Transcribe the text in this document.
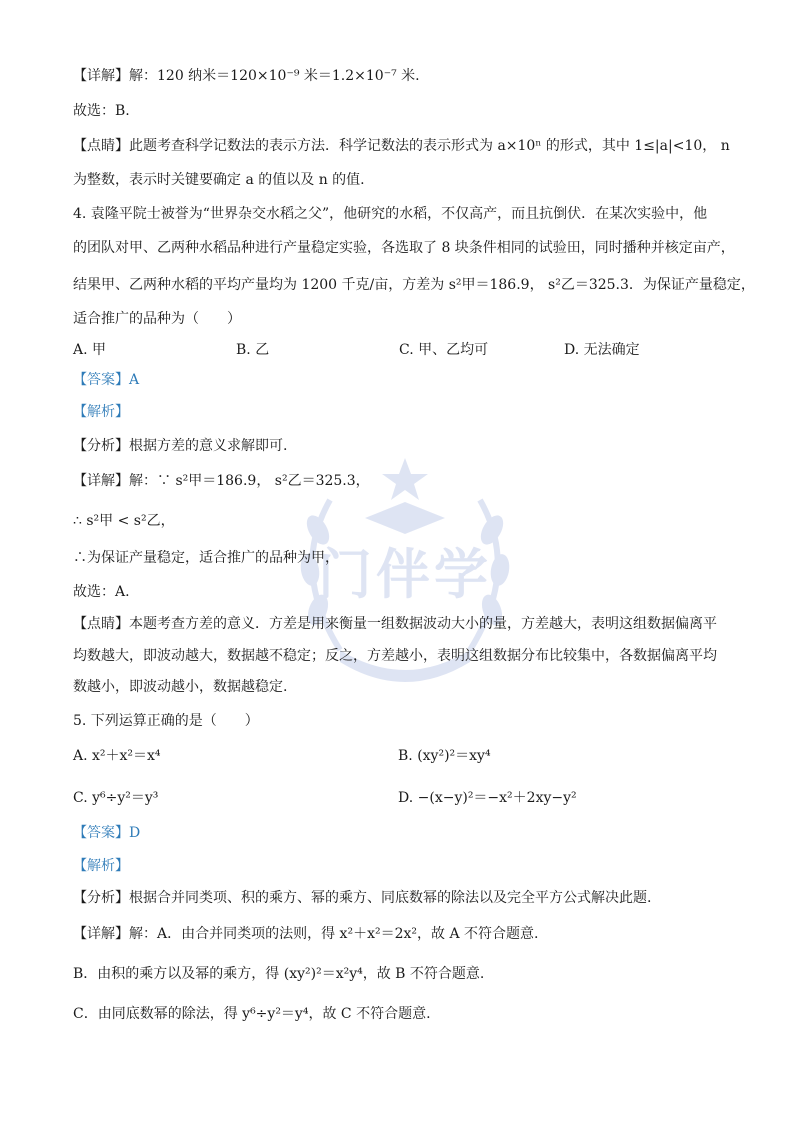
门伴学
【详解】解：120 纳米＝120×10⁻⁹ 米＝1.2×10⁻⁷ 米.
故选：B.
【点睛】此题考查科学记数法的表示方法．科学记数法的表示形式为 a×10ⁿ 的形式，其中 1≤|a|<10， n
为整数，表示时关键要确定 a 的值以及 n 的值.
4. 袁隆平院士被誉为“世界杂交水稻之父”，他研究的水稻，不仅高产，而且抗倒伏．在某次实验中，他
的团队对甲、乙两种水稻品种进行产量稳定实验，各选取了 8 块条件相同的试验田，同时播种并核定亩产，
结果甲、乙两种水稻的平均产量均为 1200 千克/亩，方差为 s²甲＝186.9， s²乙＝325.3．为保证产量稳定，
适合推广的品种为（　　）
A. 甲	B. 乙	C. 甲、乙均可	D. 无法确定
【答案】A
【解析】
【分析】根据方差的意义求解即可.
【详解】解：∵ s²甲＝186.9， s²乙＝325.3，
∴ s²甲 < s²乙，
∴为保证产量稳定，适合推广的品种为甲，
故选：A.
【点睛】本题考查方差的意义．方差是用来衡量一组数据波动大小的量，方差越大，表明这组数据偏离平
均数越大，即波动越大，数据越不稳定；反之，方差越小，表明这组数据分布比较集中，各数据偏离平均
数越小，即波动越小，数据越稳定.
5. 下列运算正确的是（　　）
A. x²＋x²＝x⁴	B. (xy²)²＝xy⁴
C. y⁶÷y²＝y³	D. −(x−y)²＝−x²＋2xy−y²
【答案】D
【解析】
【分析】根据合并同类项、积的乘方、幂的乘方、同底数幂的除法以及完全平方公式解决此题.
【详解】解：A．由合并同类项的法则，得 x²＋x²＝2x²，故 A 不符合题意.
B．由积的乘方以及幂的乘方，得 (xy²)²＝x²y⁴，故 B 不符合题意.
C．由同底数幂的除法，得 y⁶÷y²＝y⁴，故 C 不符合题意.
